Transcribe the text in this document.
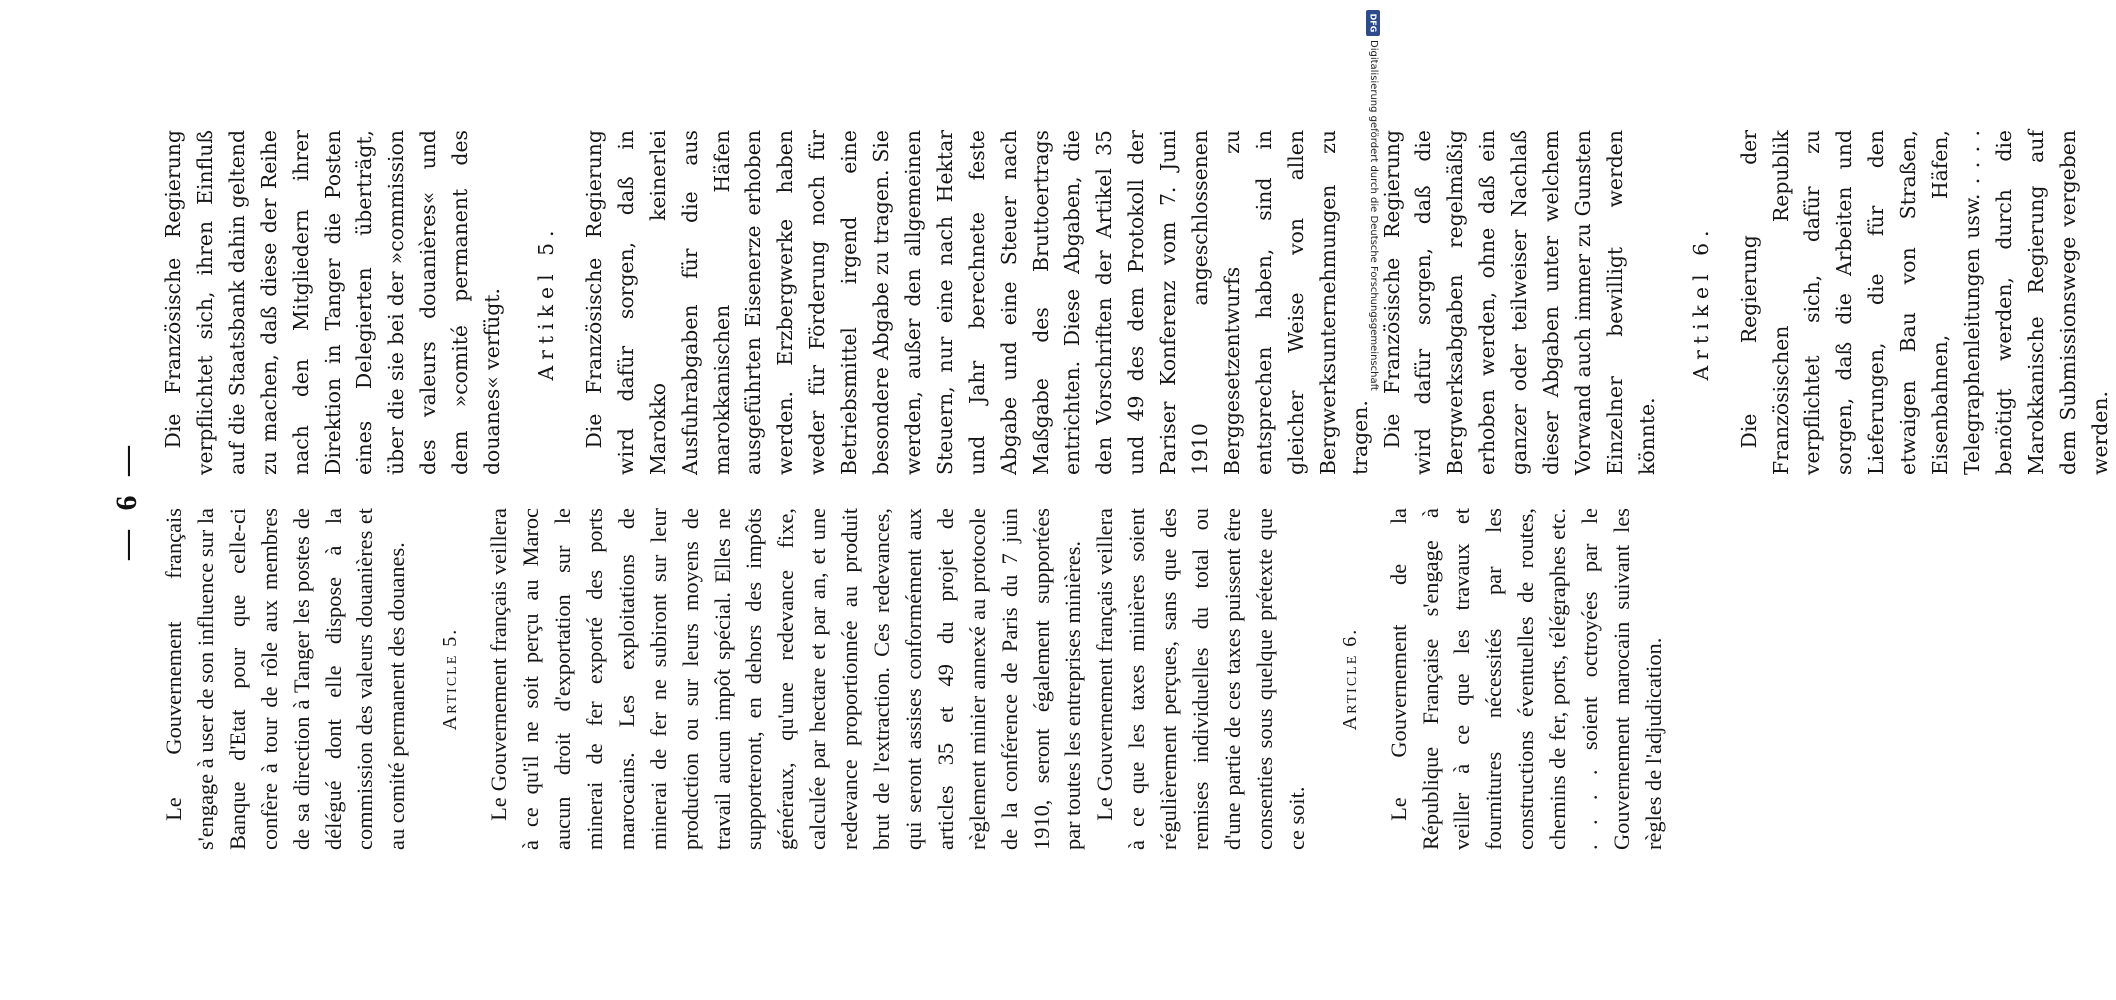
— 6 —

Le Gouvernement français s'engage à user de son influence sur la Banque d'Etat pour que celle-ci confère à tour de rôle aux membres de sa direction à Tanger les postes de délégué dont elle dispose à la commission des valeurs douanières et au comité permanent des douanes.	Article 5.	Le Gouvernement français veillera à ce qu'il ne soit perçu au Maroc aucun droit d'exportation sur le minerai de fer exporté des ports marocains. Les exploitations de minerai de fer ne subiront sur leur production ou sur leurs moyens de travail aucun impôt spécial. Elles ne supporteront, en dehors des impôts généraux, qu'une redevance fixe, calculée par hectare et par an, et une redevance proportionnée au produit brut de l'extraction. Ces redevances, qui seront assises conformément aux articles 35 et 49 du projet de règlement minier annexé au protocole de la conférence de Paris du 7 juin 1910, seront également supportées par toutes les entreprises minières. Le Gouvernement français veillera à ce que les taxes minières soient régulièrement perçues, sans que des remises individuelles du total ou d'une partie de ces taxes puissent être consenties sous quelque prétexte que ce soit.

Article 6.	Le Gouvernement de la République Française s'engage à veiller à ce que les travaux et fournitures nécessités par les constructions éventuelles de routes, chemins de fer, ports, télégraphes etc. . . . . soient octroyées par le Gouvernement marocain suivant les règles de l'adjudication.

Die Französische Regierung verpflichtet sich, ihren Einfluß auf die Staatsbank dahin geltend zu machen, daß diese der Reihe nach den Mitgliedern ihrer Direktion in Tanger die Posten eines Delegierten überträgt, über die sie bei der »commission des valeurs douanières« und dem »comité permanent des douanes« verfügt.	Artikel 5.	Die Französische Regierung wird dafür sorgen, daß in Marokko keinerlei Ausfuhrabgaben für die aus marokkanischen Häfen ausgeführten Eisenerze erhoben werden. Erzbergwerke haben weder für Förderung noch für Betriebsmittel irgend eine besondere Abgabe zu tragen. Sie werden, außer den allgemeinen Steuern, nur eine nach Hektar und Jahr berechnete feste Abgabe und eine Steuer nach Maßgabe des Bruttoertrags entrichten. Diese Abgaben, die den Vorschriften der Artikel 35 und 49 des dem Protokoll der Pariser Konferenz vom 7. Juni 1910 angeschlossenen Berggesetzentwurfs zu entsprechen haben, sind in gleicher Weise von allen Bergwerksunternehmungen zu tragen. Die Französische Regierung wird dafür sorgen, daß die Bergwerksabgaben regelmäßig erhoben werden, ohne daß ein ganzer oder teilweiser Nachlaß dieser Abgaben unter welchem Vorwand auch immer zu Gunsten Einzelner bewilligt werden könnte.

Artikel 6.	Die Regierung der Französischen Republik verpflichtet sich, dafür zu sorgen, daß die Arbeiten und Lieferungen, die für den etwaigen Bau von Straßen, Eisenbahnen, Häfen, Telegraphenleitungen usw. . . . . benötigt werden, durch die Marokkanische Regierung auf dem Submissionswege vergeben werden.

DFG
Digitalisierung gefördert durch die Deutsche Forschungsgemeinschaft
